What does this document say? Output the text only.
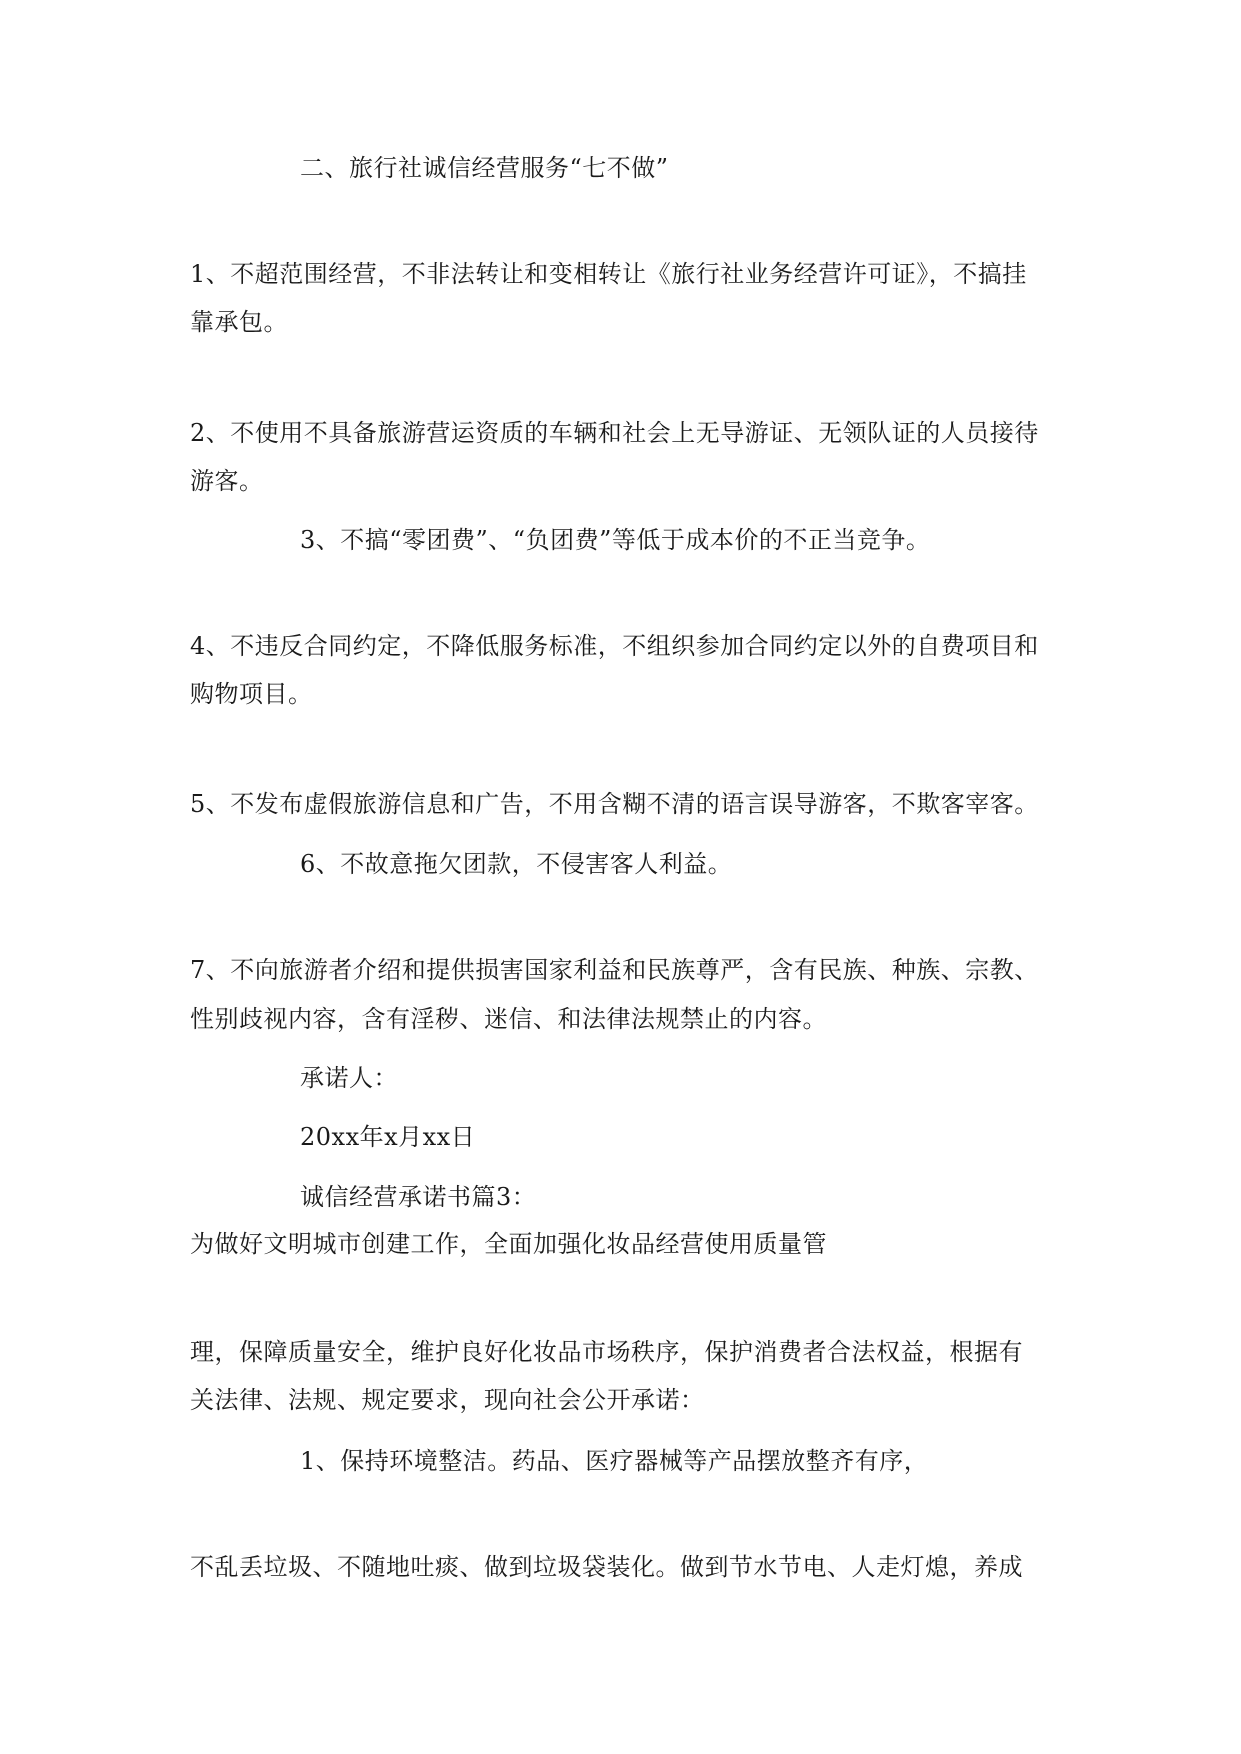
二、旅行社诚信经营服务“七不做”
1、不超范围经营，不非法转让和变相转让《旅行社业务经营许可证》，不搞挂
靠承包。
2、不使用不具备旅游营运资质的车辆和社会上无导游证、无领队证的人员接待
游客。
3、不搞“零团费”、“负团费”等低于成本价的不正当竞争。
4、不违反合同约定，不降低服务标准，不组织参加合同约定以外的自费项目和
购物项目。
5、不发布虚假旅游信息和广告，不用含糊不清的语言误导游客，不欺客宰客。
6、不故意拖欠团款，不侵害客人利益。
7、不向旅游者介绍和提供损害国家利益和民族尊严，含有民族、种族、宗教、
性别歧视内容，含有淫秽、迷信、和法律法规禁止的内容。
承诺人：
20xx年x月xx日
诚信经营承诺书篇3：
为做好文明城市创建工作，全面加强化妆品经营使用质量管
理，保障质量安全，维护良好化妆品市场秩序，保护消费者合法权益，根据有
关法律、法规、规定要求，现向社会公开承诺：
1、保持环境整洁。药品、医疗器械等产品摆放整齐有序，
不乱丢垃圾、不随地吐痰、做到垃圾袋装化。做到节水节电、人走灯熄，养成
